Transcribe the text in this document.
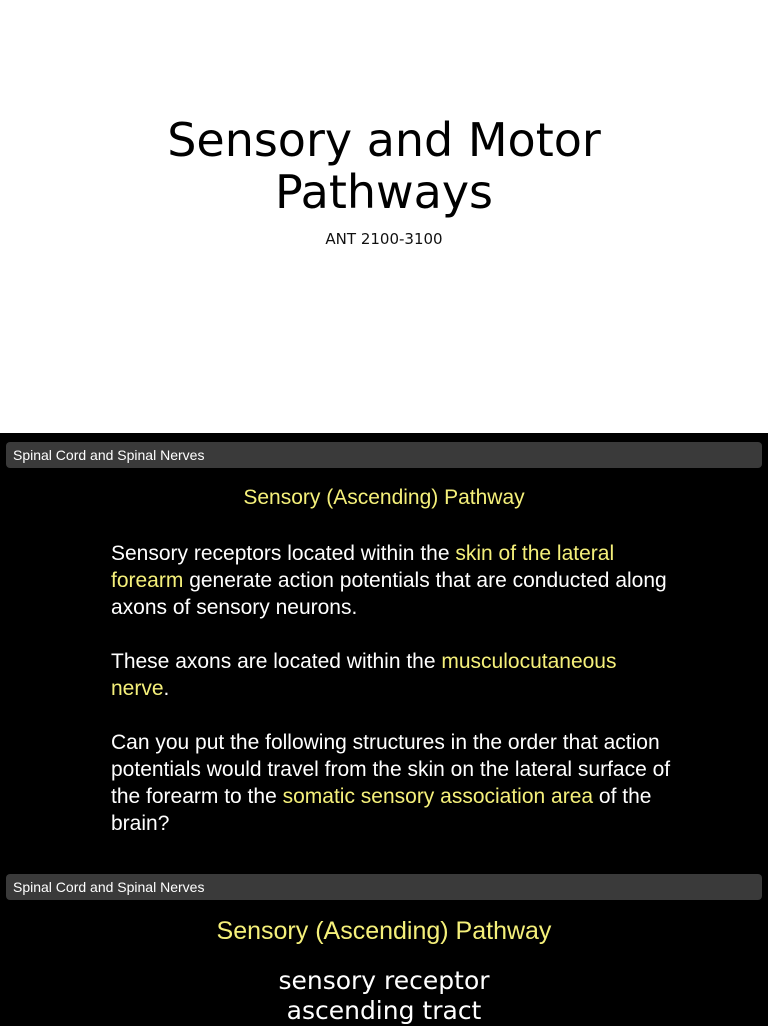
Sensory and Motor
Pathways
ANT 2100-3100
Spinal Cord and Spinal Nerves
Sensory (Ascending) Pathway

Sensory receptors located within the skin of the lateral forearm generate action potentials that are conducted along axons of sensory neurons.

These axons are located within the musculocutaneous nerve.

Can you put the following structures in the order that action potentials would travel from the skin on the lateral surface of the forearm to the somatic sensory association area of the brain?

Spinal Cord and Spinal Nerves
Sensory (Ascending) Pathway
sensory receptor
ascending tract
